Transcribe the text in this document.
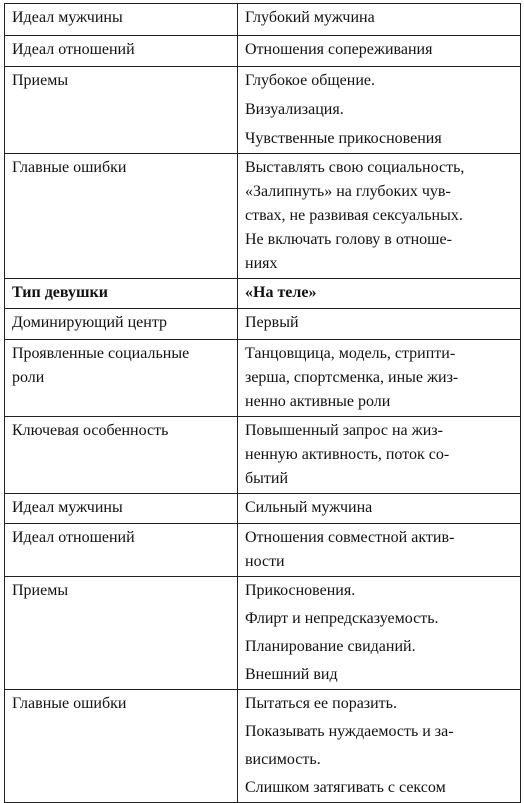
Идеал мужчины	Глубокий мужчина

Идеал отношений	Отношения сопереживания

Приемы	Глубокое общение.
Визуализация.
Чувственные прикосновения

Главные ошибки	Выставлять свою социальность,
«Залипнуть» на глубоких чув-
ствах, не развивая сексуальных.
Не включать голову в отноше-
ниях

Тип девушки	«На теле»

Доминирующий центр	Первый

Проявленные социальные
роли	Танцовщица, модель, стрипти-
зерша, спортсменка, иные жиз-
ненно активные роли

Ключевая особенность	Повышенный запрос на жиз-
ненную активность, поток со-
бытий

Идеал мужчины	Сильный мужчина

Идеал отношений	Отношения совместной актив-
ности

Приемы	Прикосновения.
Флирт и непредсказуемость.
Планирование свиданий.
Внешний вид

Главные ошибки	Пытаться ее поразить.
Показывать нуждаемость и за-
висимость.
Слишком затягивать с сексом
